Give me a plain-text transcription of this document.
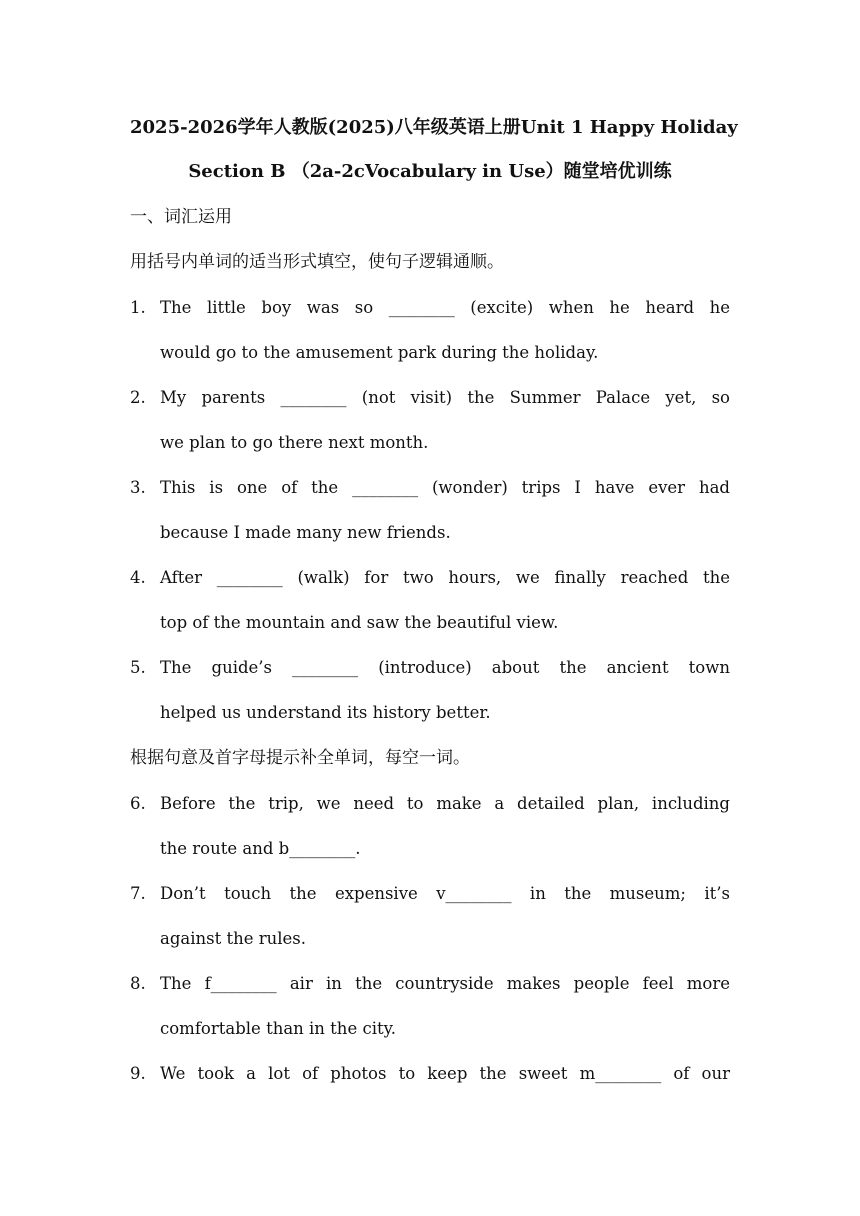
2025-2026学年人教版(2025)八年级英语上册Unit 1 Happy Holiday
Section B （2a-2cVocabulary in Use）随堂培优训练
一、词汇运用
用括号内单词的适当形式填空，使句子逻辑通顺。
1. The little boy was so ________ (excite) when he heard he
would go to the amusement park during the holiday.
2. My parents ________ (not visit) the Summer Palace yet, so
we plan to go there next month.
3. This is one of the ________ (wonder) trips I have ever had
because I made many new friends.
4. After ________ (walk) for two hours, we finally reached the
top of the mountain and saw the beautiful view.
5. The guide’s ________ (introduce) about the ancient town
helped us understand its history better.
根据句意及首字母提示补全单词，每空一词。
6. Before the trip, we need to make a detailed plan, including
the route and b________.
7. Don’t touch the expensive v________ in the museum; it’s
against the rules.
8. The f________ air in the countryside makes people feel more
comfortable than in the city.
9. We took a lot of photos to keep the sweet m________ of our
